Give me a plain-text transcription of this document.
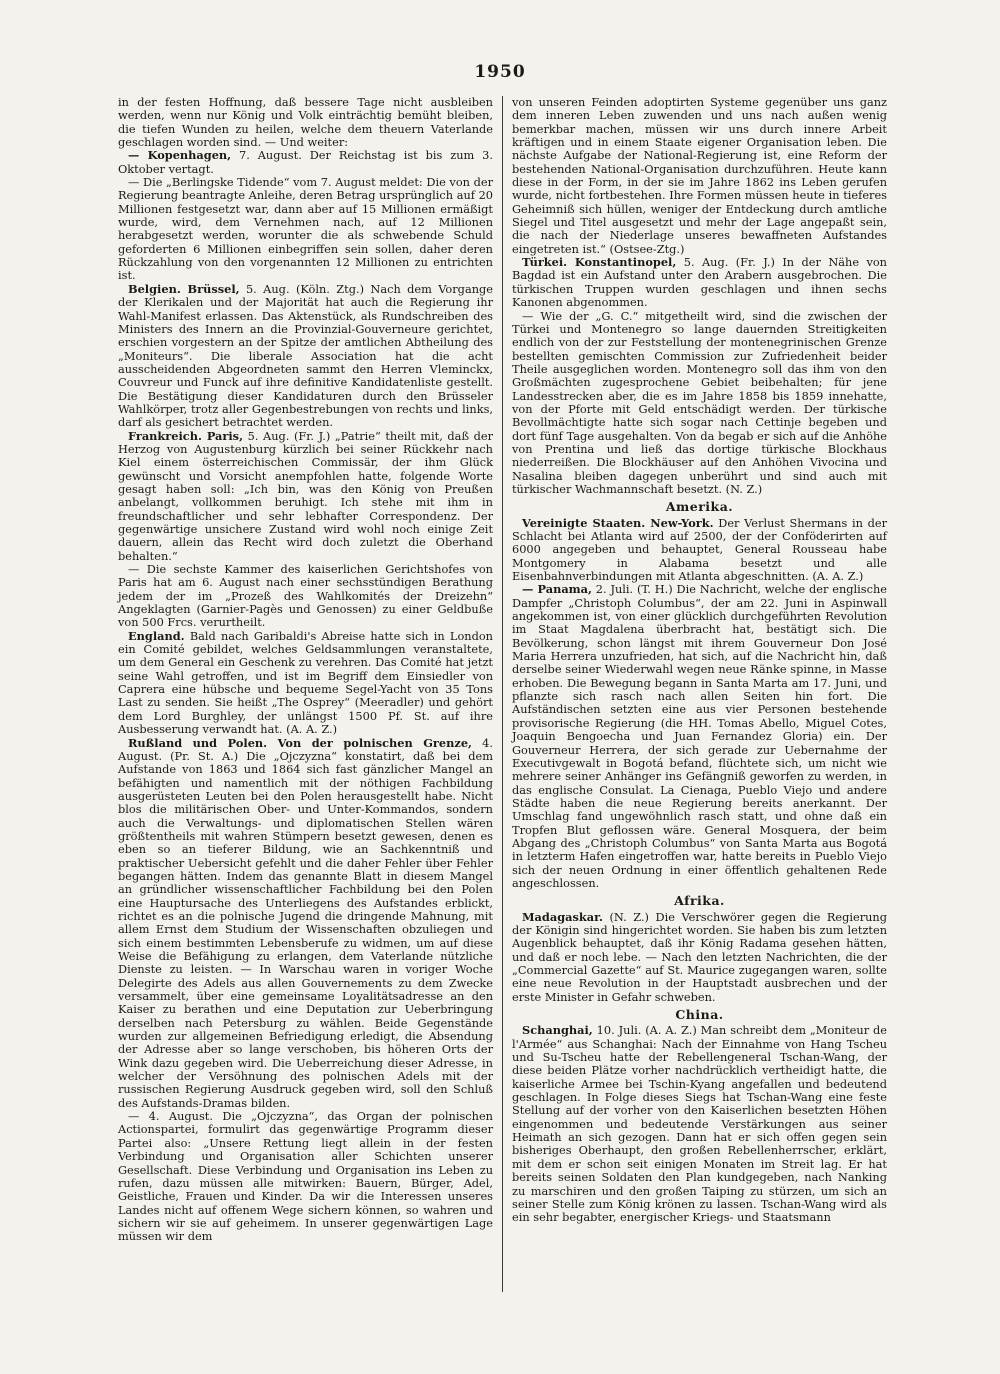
1950

in der festen Hoffnung, daß bessere Tage nicht ausbleiben werden, wenn nur König und Volk einträchtig bemüht bleiben, die tiefen Wunden zu heilen, welche dem theuern Vaterlande geschlagen worden sind. — Und weiter:

— Kopenhagen, 7. August. Der Reichstag ist bis zum 3. Oktober vertagt.

— Die „Berlingske Tidende“ vom 7. August meldet: Die von der Regierung beantragte Anleihe, deren Betrag ursprünglich auf 20 Millionen festgesetzt war, dann aber auf 15 Millionen ermäßigt wurde, wird, dem Vernehmen nach, auf 12 Millionen herabgesetzt werden, worunter die als schwebende Schuld geforderten 6 Millionen einbegriffen sein sollen, daher deren Rückzahlung von den vorgenannten 12 Millionen zu entrichten ist.

Belgien. Brüssel, 5. Aug. (Köln. Ztg.) Nach dem Vorgange der Klerikalen und der Majorität hat auch die Regierung ihr Wahl-Manifest erlassen. Das Aktenstück, als Rundschreiben des Ministers des Innern an die Provinzial-Gouverneure gerichtet, erschien vorgestern an der Spitze der amtlichen Abtheilung des „Moniteurs“. Die liberale Association hat die acht ausscheidenden Abgeordneten sammt den Herren Vleminckx, Couvreur und Funck auf ihre definitive Kandidatenliste gestellt. Die Bestätigung dieser Kandidaturen durch den Brüsseler Wahlkörper, trotz aller Gegenbestrebungen von rechts und links, darf als gesichert betrachtet werden.

Frankreich. Paris, 5. Aug. (Fr. J.) „Patrie“ theilt mit, daß der Herzog von Augustenburg kürzlich bei seiner Rückkehr nach Kiel einem österreichischen Commissär, der ihm Glück gewünscht und Vorsicht anempfohlen hatte, folgende Worte gesagt haben soll: „Ich bin, was den König von Preußen anbelangt, vollkommen beruhigt. Ich stehe mit ihm in freundschaftlicher und sehr lebhafter Correspondenz. Der gegenwärtige unsichere Zustand wird wohl noch einige Zeit dauern, allein das Recht wird doch zuletzt die Oberhand behalten.“

— Die sechste Kammer des kaiserlichen Gerichtshofes von Paris hat am 6. August nach einer sechsstündigen Berathung jedem der im „Prozeß des Wahlkomités der Dreizehn“ Angeklagten (Garnier-Pagès und Genossen) zu einer Geldbuße von 500 Frcs. verurtheilt.

England. Bald nach Garibaldi's Abreise hatte sich in London ein Comité gebildet, welches Geldsammlungen veranstaltete, um dem General ein Geschenk zu verehren. Das Comité hat jetzt seine Wahl getroffen, und ist im Begriff dem Einsiedler von Caprera eine hübsche und bequeme Segel-Yacht von 35 Tons Last zu senden. Sie heißt „The Osprey“ (Meeradler) und gehört dem Lord Burghley, der unlängst 1500 Pf. St. auf ihre Ausbesserung verwandt hat. (A. A. Z.)

Rußland und Polen. Von der polnischen Grenze, 4. August. (Pr. St. A.) Die „Ojczyzna“ konstatirt, daß bei dem Aufstande von 1863 und 1864 sich fast gänzlicher Mangel an befähigten und namentlich mit der nöthigen Fachbildung ausgerüsteten Leuten bei den Polen herausgestellt habe. Nicht blos die militärischen Ober- und Unter-Kommandos, sondern auch die Verwaltungs- und diplomatischen Stellen wären größtentheils mit wahren Stümpern besetzt gewesen, denen es eben so an tieferer Bildung, wie an Sachkenntniß und praktischer Uebersicht gefehlt und die daher Fehler über Fehler begangen hätten. Indem das genannte Blatt in diesem Mangel an gründlicher wissenschaftlicher Fachbildung bei den Polen eine Hauptursache des Unterliegens des Aufstandes erblickt, richtet es an die polnische Jugend die dringende Mahnung, mit allem Ernst dem Studium der Wissenschaften obzuliegen und sich einem bestimmten Lebensberufe zu widmen, um auf diese Weise die Befähigung zu erlangen, dem Vaterlande nützliche Dienste zu leisten. — In Warschau waren in voriger Woche Delegirte des Adels aus allen Gouvernements zu dem Zwecke versammelt, über eine gemeinsame Loyalitätsadresse an den Kaiser zu berathen und eine Deputation zur Ueberbringung derselben nach Petersburg zu wählen. Beide Gegenstände wurden zur allgemeinen Befriedigung erledigt, die Absendung der Adresse aber so lange verschoben, bis höheren Orts der Wink dazu gegeben wird. Die Ueberreichung dieser Adresse, in welcher der Versöhnung des polnischen Adels mit der russischen Regierung Ausdruck gegeben wird, soll den Schluß des Aufstands-Dramas bilden.

— 4. August. Die „Ojczyzna“, das Organ der polnischen Actionspartei, formulirt das gegenwärtige Programm dieser Partei also: „Unsere Rettung liegt allein in der festen Verbindung und Organisation aller Schichten unserer Gesellschaft. Diese Verbindung und Organisation ins Leben zu rufen, dazu müssen alle mitwirken: Bauern, Bürger, Adel, Geistliche, Frauen und Kinder. Da wir die Interessen unseres Landes nicht auf offenem Wege sichern können, so wahren und sichern wir sie auf geheimem. In unserer gegenwärtigen Lage müssen wir dem

von unseren Feinden adoptirten Systeme gegenüber uns ganz dem inneren Leben zuwenden und uns nach außen wenig bemerkbar machen, müssen wir uns durch innere Arbeit kräftigen und in einem Staate eigener Organisation leben. Die nächste Aufgabe der National-Regierung ist, eine Reform der bestehenden National-Organisation durchzuführen. Heute kann diese in der Form, in der sie im Jahre 1862 ins Leben gerufen wurde, nicht fortbestehen. Ihre Formen müssen heute in tieferes Geheimniß sich hüllen, weniger der Entdeckung durch amtliche Siegel und Titel ausgesetzt und mehr der Lage angepaßt sein, die nach der Niederlage unseres bewaffneten Aufstandes eingetreten ist.“ (Ostsee-Ztg.)

Türkei. Konstantinopel, 5. Aug. (Fr. J.) In der Nähe von Bagdad ist ein Aufstand unter den Arabern ausgebrochen. Die türkischen Truppen wurden geschlagen und ihnen sechs Kanonen abgenommen.

— Wie der „G. C.“ mitgetheilt wird, sind die zwischen der Türkei und Montenegro so lange dauernden Streitigkeiten endlich von der zur Feststellung der montenegrinischen Grenze bestellten gemischten Commission zur Zufriedenheit beider Theile ausgeglichen worden. Montenegro soll das ihm von den Großmächten zugesprochene Gebiet beibehalten; für jene Landesstrecken aber, die es im Jahre 1858 bis 1859 innehatte, von der Pforte mit Geld entschädigt werden. Der türkische Bevollmächtigte hatte sich sogar nach Cettinje begeben und dort fünf Tage ausgehalten. Von da begab er sich auf die Anhöhe von Prentina und ließ das dortige türkische Blockhaus niederreißen. Die Blockhäuser auf den Anhöhen Vivocina und Nasalina bleiben dagegen unberührt und sind auch mit türkischer Wachmannschaft besetzt. (N. Z.)

Amerika.

Vereinigte Staaten. New-York. Der Verlust Shermans in der Schlacht bei Atlanta wird auf 2500, der der Conföderirten auf 6000 angegeben und behauptet, General Rousseau habe Montgomery in Alabama besetzt und alle Eisenbahnverbindungen mit Atlanta abgeschnitten. (A. A. Z.)

— Panama, 2. Juli. (T. H.) Die Nachricht, welche der englische Dampfer „Christoph Columbus“, der am 22. Juni in Aspinwall angekommen ist, von einer glücklich durchgeführten Revolution im Staat Magdalena überbracht hat, bestätigt sich. Die Bevölkerung, schon längst mit ihrem Gouverneur Don José Maria Herrera unzufrieden, hat sich, auf die Nachricht hin, daß derselbe seiner Wiederwahl wegen neue Ränke spinne, in Masse erhoben. Die Bewegung begann in Santa Marta am 17. Juni, und pflanzte sich rasch nach allen Seiten hin fort. Die Aufständischen setzten eine aus vier Personen bestehende provisorische Regierung (die HH. Tomas Abello, Miguel Cotes, Joaquin Bengoecha und Juan Fernandez Gloria) ein. Der Gouverneur Herrera, der sich gerade zur Uebernahme der Executivgewalt in Bogotá befand, flüchtete sich, um nicht wie mehrere seiner Anhänger ins Gefängniß geworfen zu werden, in das englische Consulat. La Cienaga, Pueblo Viejo und andere Städte haben die neue Regierung bereits anerkannt. Der Umschlag fand ungewöhnlich rasch statt, und ohne daß ein Tropfen Blut geflossen wäre. General Mosquera, der beim Abgang des „Christoph Columbus“ von Santa Marta aus Bogotá in letzterm Hafen eingetroffen war, hatte bereits in Pueblo Viejo sich der neuen Ordnung in einer öffentlich gehaltenen Rede angeschlossen.

Afrika.

Madagaskar. (N. Z.) Die Verschwörer gegen die Regierung der Königin sind hingerichtet worden. Sie haben bis zum letzten Augenblick behauptet, daß ihr König Radama gesehen hätten, und daß er noch lebe. — Nach den letzten Nachrichten, die der „Commercial Gazette“ auf St. Maurice zugegangen waren, sollte eine neue Revolution in der Hauptstadt ausbrechen und der erste Minister in Gefahr schweben.

China.

Schanghai, 10. Juli. (A. A. Z.) Man schreibt dem „Moniteur de l'Armée“ aus Schanghai: Nach der Einnahme von Hang Tscheu und Su-Tscheu hatte der Rebellengeneral Tschan-Wang, der diese beiden Plätze vorher nachdrücklich vertheidigt hatte, die kaiserliche Armee bei Tschin-Kyang angefallen und bedeutend geschlagen. In Folge dieses Siegs hat Tschan-Wang eine feste Stellung auf der vorher von den Kaiserlichen besetzten Höhen eingenommen und bedeutende Verstärkungen aus seiner Heimath an sich gezogen. Dann hat er sich offen gegen sein bisheriges Oberhaupt, den großen Rebellenherrscher, erklärt, mit dem er schon seit einigen Monaten im Streit lag. Er hat bereits seinen Soldaten den Plan kundgegeben, nach Nanking zu marschiren und den großen Taiping zu stürzen, um sich an seiner Stelle zum König krönen zu lassen. Tschan-Wang wird als ein sehr begabter, energischer Kriegs- und Staatsmann
